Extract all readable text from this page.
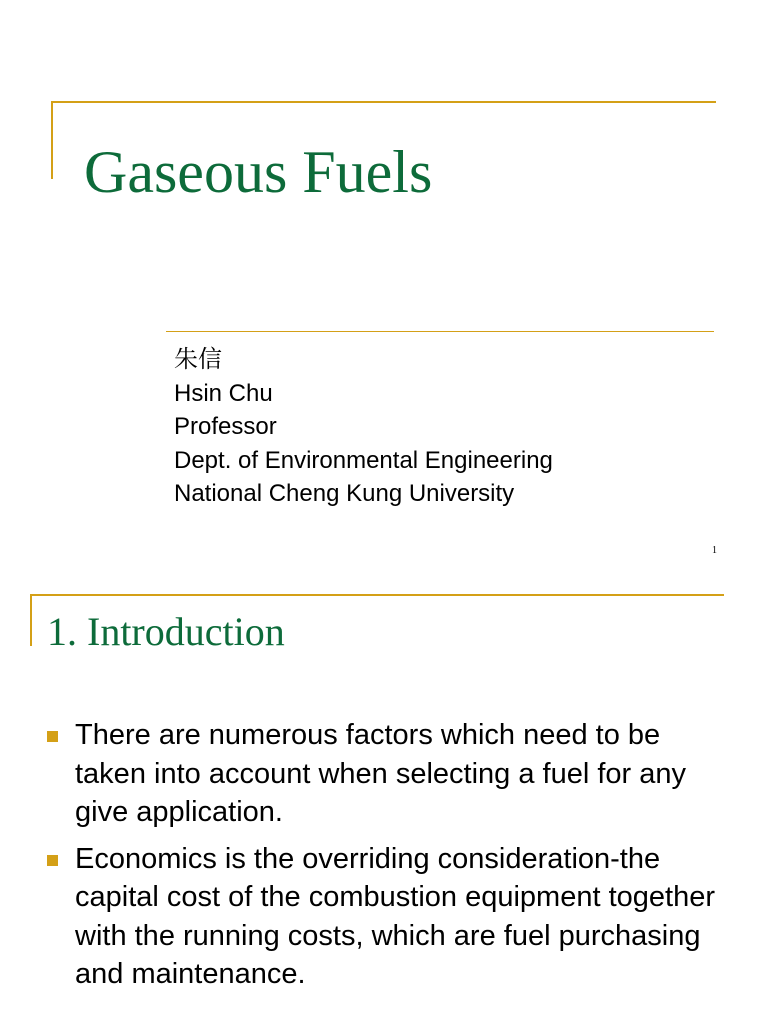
Gaseous Fuels
朱信
Hsin Chu
Professor
Dept. of Environmental Engineering
National Cheng Kung University
1
1. Introduction
There are numerous factors which need to be taken into account when selecting a fuel for any give application.
Economics is the overriding consideration-the capital cost of the combustion equipment together with the running costs, which are fuel purchasing and maintenance.
